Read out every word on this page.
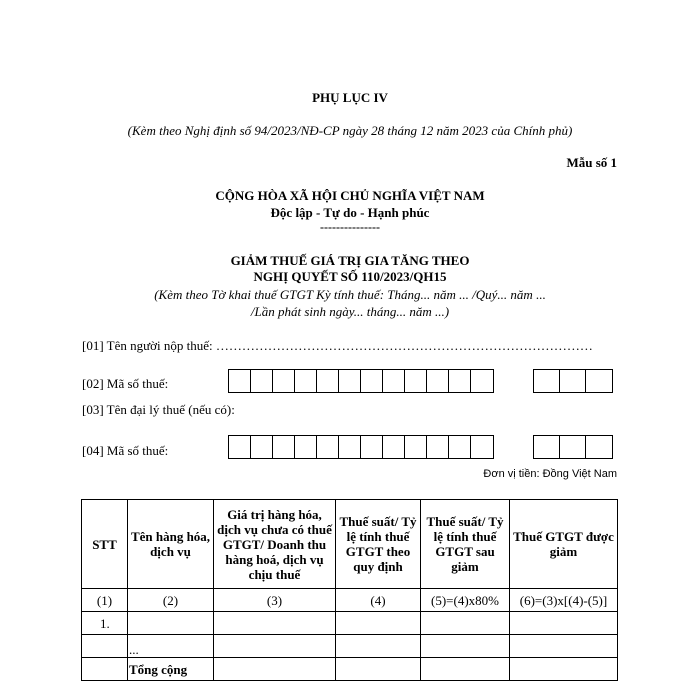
PHỤ LỤC IV
(Kèm theo Nghị định số 94/2023/NĐ-CP ngày 28 tháng 12 năm 2023 của Chính phủ)
Mẫu số 1
CỘNG HÒA XÃ HỘI CHỦ NGHĨA VIỆT NAM
Độc lập - Tự do - Hạnh phúc
---------------
GIẢM THUẾ GIÁ TRỊ GIA TĂNG THEO
NGHỊ QUYẾT SỐ 110/2023/QH15
(Kèm theo Tờ khai thuế GTGT Kỳ tính thuế: Tháng... năm ... /Quý... năm ...
/Lần phát sinh ngày... tháng... năm ...)
[01] Tên người nộp thuế: ……………………………………………………………………………
[02] Mã số thuế:
[03] Tên đại lý thuế (nếu có):
[04] Mã số thuế:
Đơn vị tiền: Đồng Việt Nam
STT	Tên hàng hóa, dịch vụ	Giá trị hàng hóa, dịch vụ chưa có thuế GTGT/ Doanh thu hàng hoá, dịch vụ chịu thuế	Thuế suất/ Tỷ lệ tính thuế GTGT theo quy định	Thuế suất/ Tỷ lệ tính thuế GTGT sau giảm	Thuế GTGT được giảm
(1)	(2)	(3)	(4)	(5)=(4)x80%	(6)=(3)x[(4)-(5)]
1.					
	...				
	Tổng cộng				
